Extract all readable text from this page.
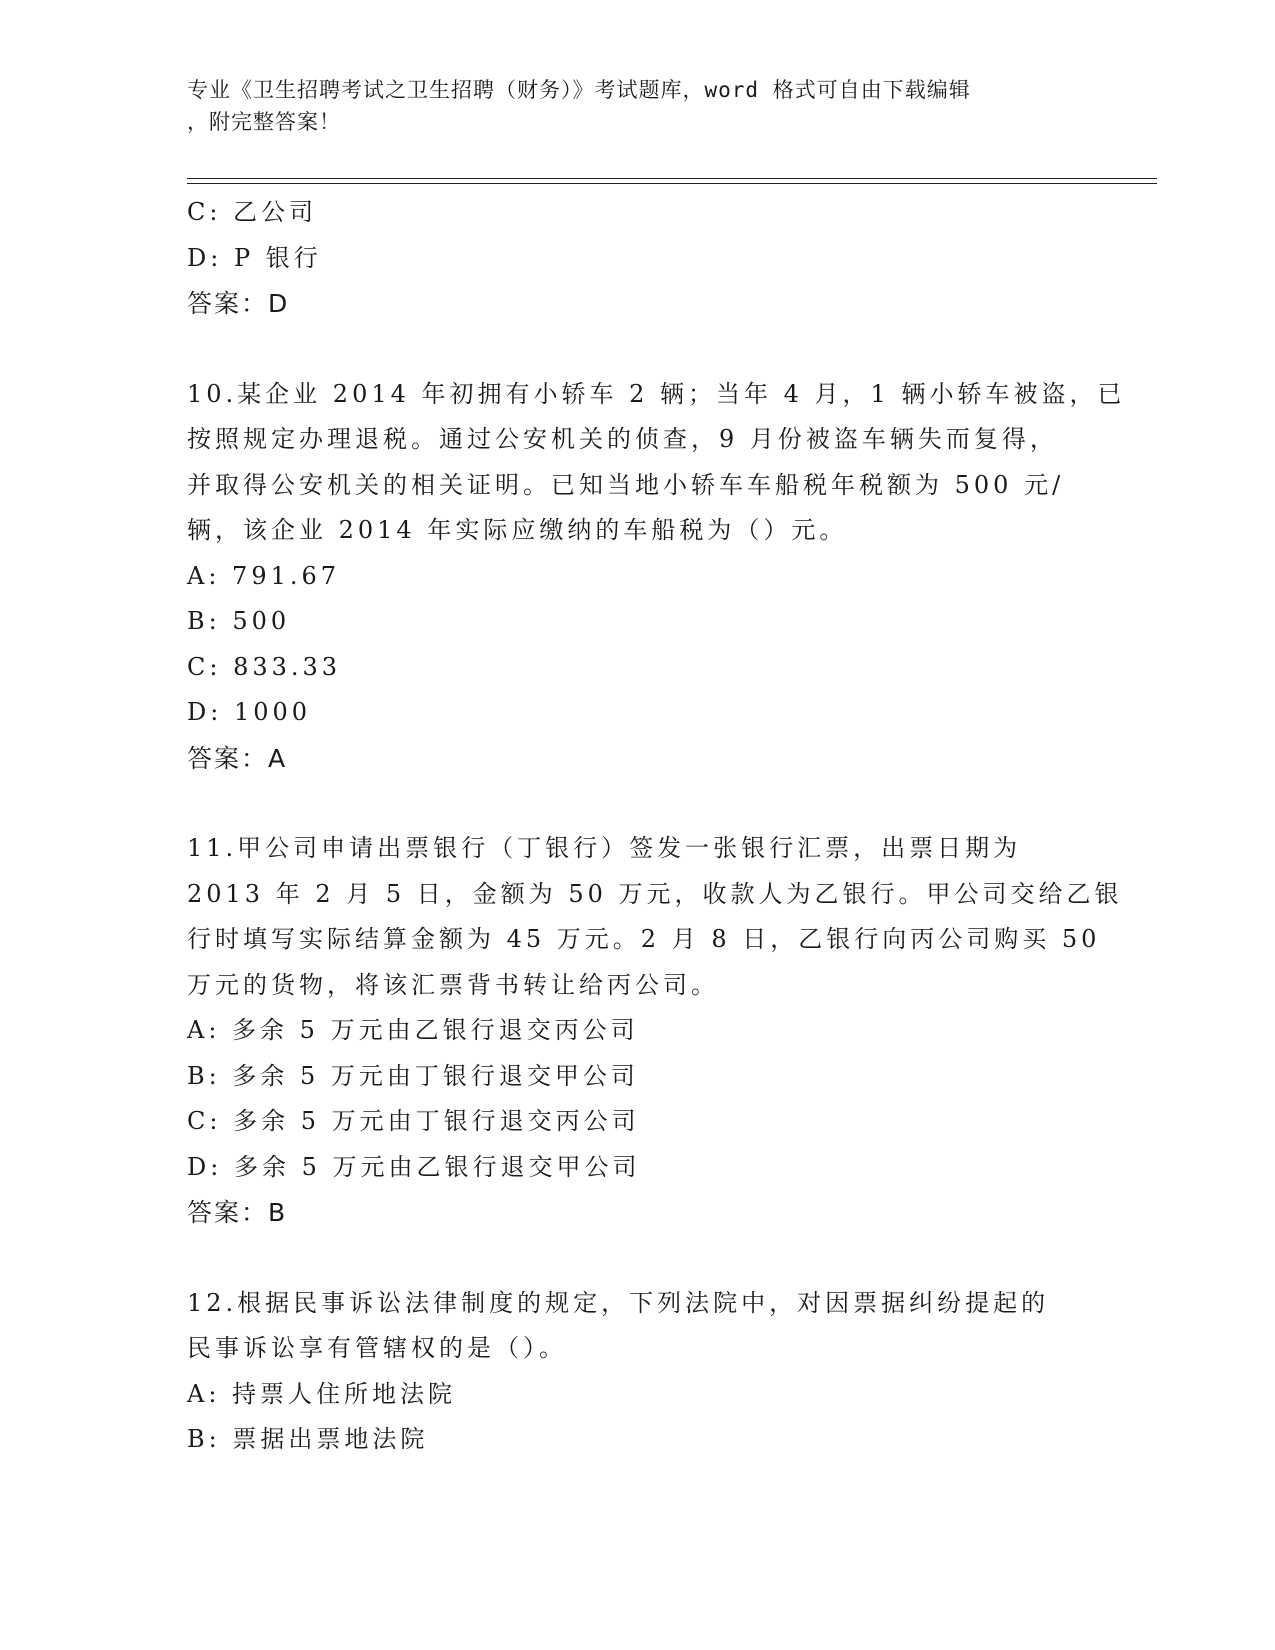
专业《卫生招聘考试之卫生招聘（财务）》考试题库，word 格式可自由下载编辑
，附完整答案！
C: 乙公司
D: P 银行
答案：D
10.某企业 2014 年初拥有小轿车 2 辆；当年 4 月，1 辆小轿车被盗，已
按照规定办理退税。通过公安机关的侦查，9 月份被盗车辆失而复得，
并取得公安机关的相关证明。已知当地小轿车车船税年税额为 500 元/
辆，该企业 2014 年实际应缴纳的车船税为（）元。
A: 791.67
B: 500
C: 833.33
D: 1000
答案：A
11.甲公司申请出票银行（丁银行）签发一张银行汇票，出票日期为
2013 年 2 月 5 日，金额为 50 万元，收款人为乙银行。甲公司交给乙银
行时填写实际结算金额为 45 万元。2 月 8 日，乙银行向丙公司购买 50
万元的货物，将该汇票背书转让给丙公司。
A: 多余 5 万元由乙银行退交丙公司
B: 多余 5 万元由丁银行退交甲公司
C: 多余 5 万元由丁银行退交丙公司
D: 多余 5 万元由乙银行退交甲公司
答案：B
12.根据民事诉讼法律制度的规定，下列法院中，对因票据纠纷提起的
民事诉讼享有管辖权的是（）。
A: 持票人住所地法院
B: 票据出票地法院
